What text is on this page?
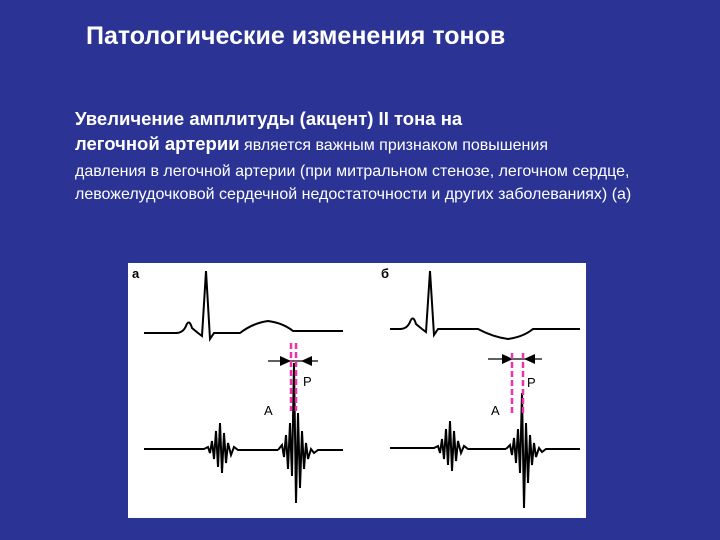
Патологические изменения тонов
Увеличение амплитуды (акцент) II тона на
легочной артерии является важным признаком повышения
давления в легочной артерии (при митральном стенозе, легочном сердце, левожелудочковой сердечной недостаточности и других заболеваниях) (а)
а
A
P
б
A
P
